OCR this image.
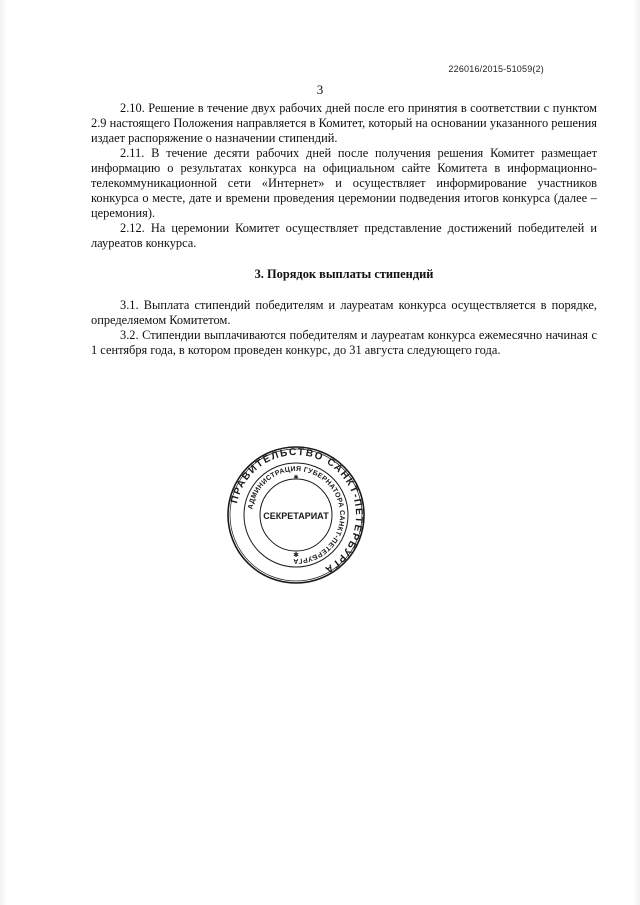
226016/2015-51059(2)
3

2.10. Решение в течение двух рабочих дней после его принятия в соответствии с пунктом 2.9 настоящего Положения направляется в Комитет, который на основании указанного решения издает распоряжение о назначении стипендий.

2.11. В течение десяти рабочих дней после получения решения Комитет размещает информацию о результатах конкурса на официальном сайте Комитета в информационно-телекоммуникационной сети «Интернет» и осуществляет информирование участников конкурса о месте, дате и времени проведения церемонии подведения итогов конкурса (далее – церемония).

2.12. На церемонии Комитет осуществляет представление достижений победителей и лауреатов конкурса.

3. Порядок выплаты стипендий

3.1. Выплата стипендий победителям и лауреатам конкурса осуществляется в порядке, определяемом Комитетом.

3.2. Стипендии выплачиваются победителям и лауреатам конкурса ежемесячно начиная с 1 сентября года, в котором проведен конкурс, до 31 августа следующего года.

ПРАВИТЕЛЬСТВО САНКТ-ПЕТЕРБУРГА
АДМИНИСТРАЦИЯ ГУБЕРНАТОРА САНКТ-ПЕТЕРБУРГА
СЕКРЕТАРИАТ
✱
✱
